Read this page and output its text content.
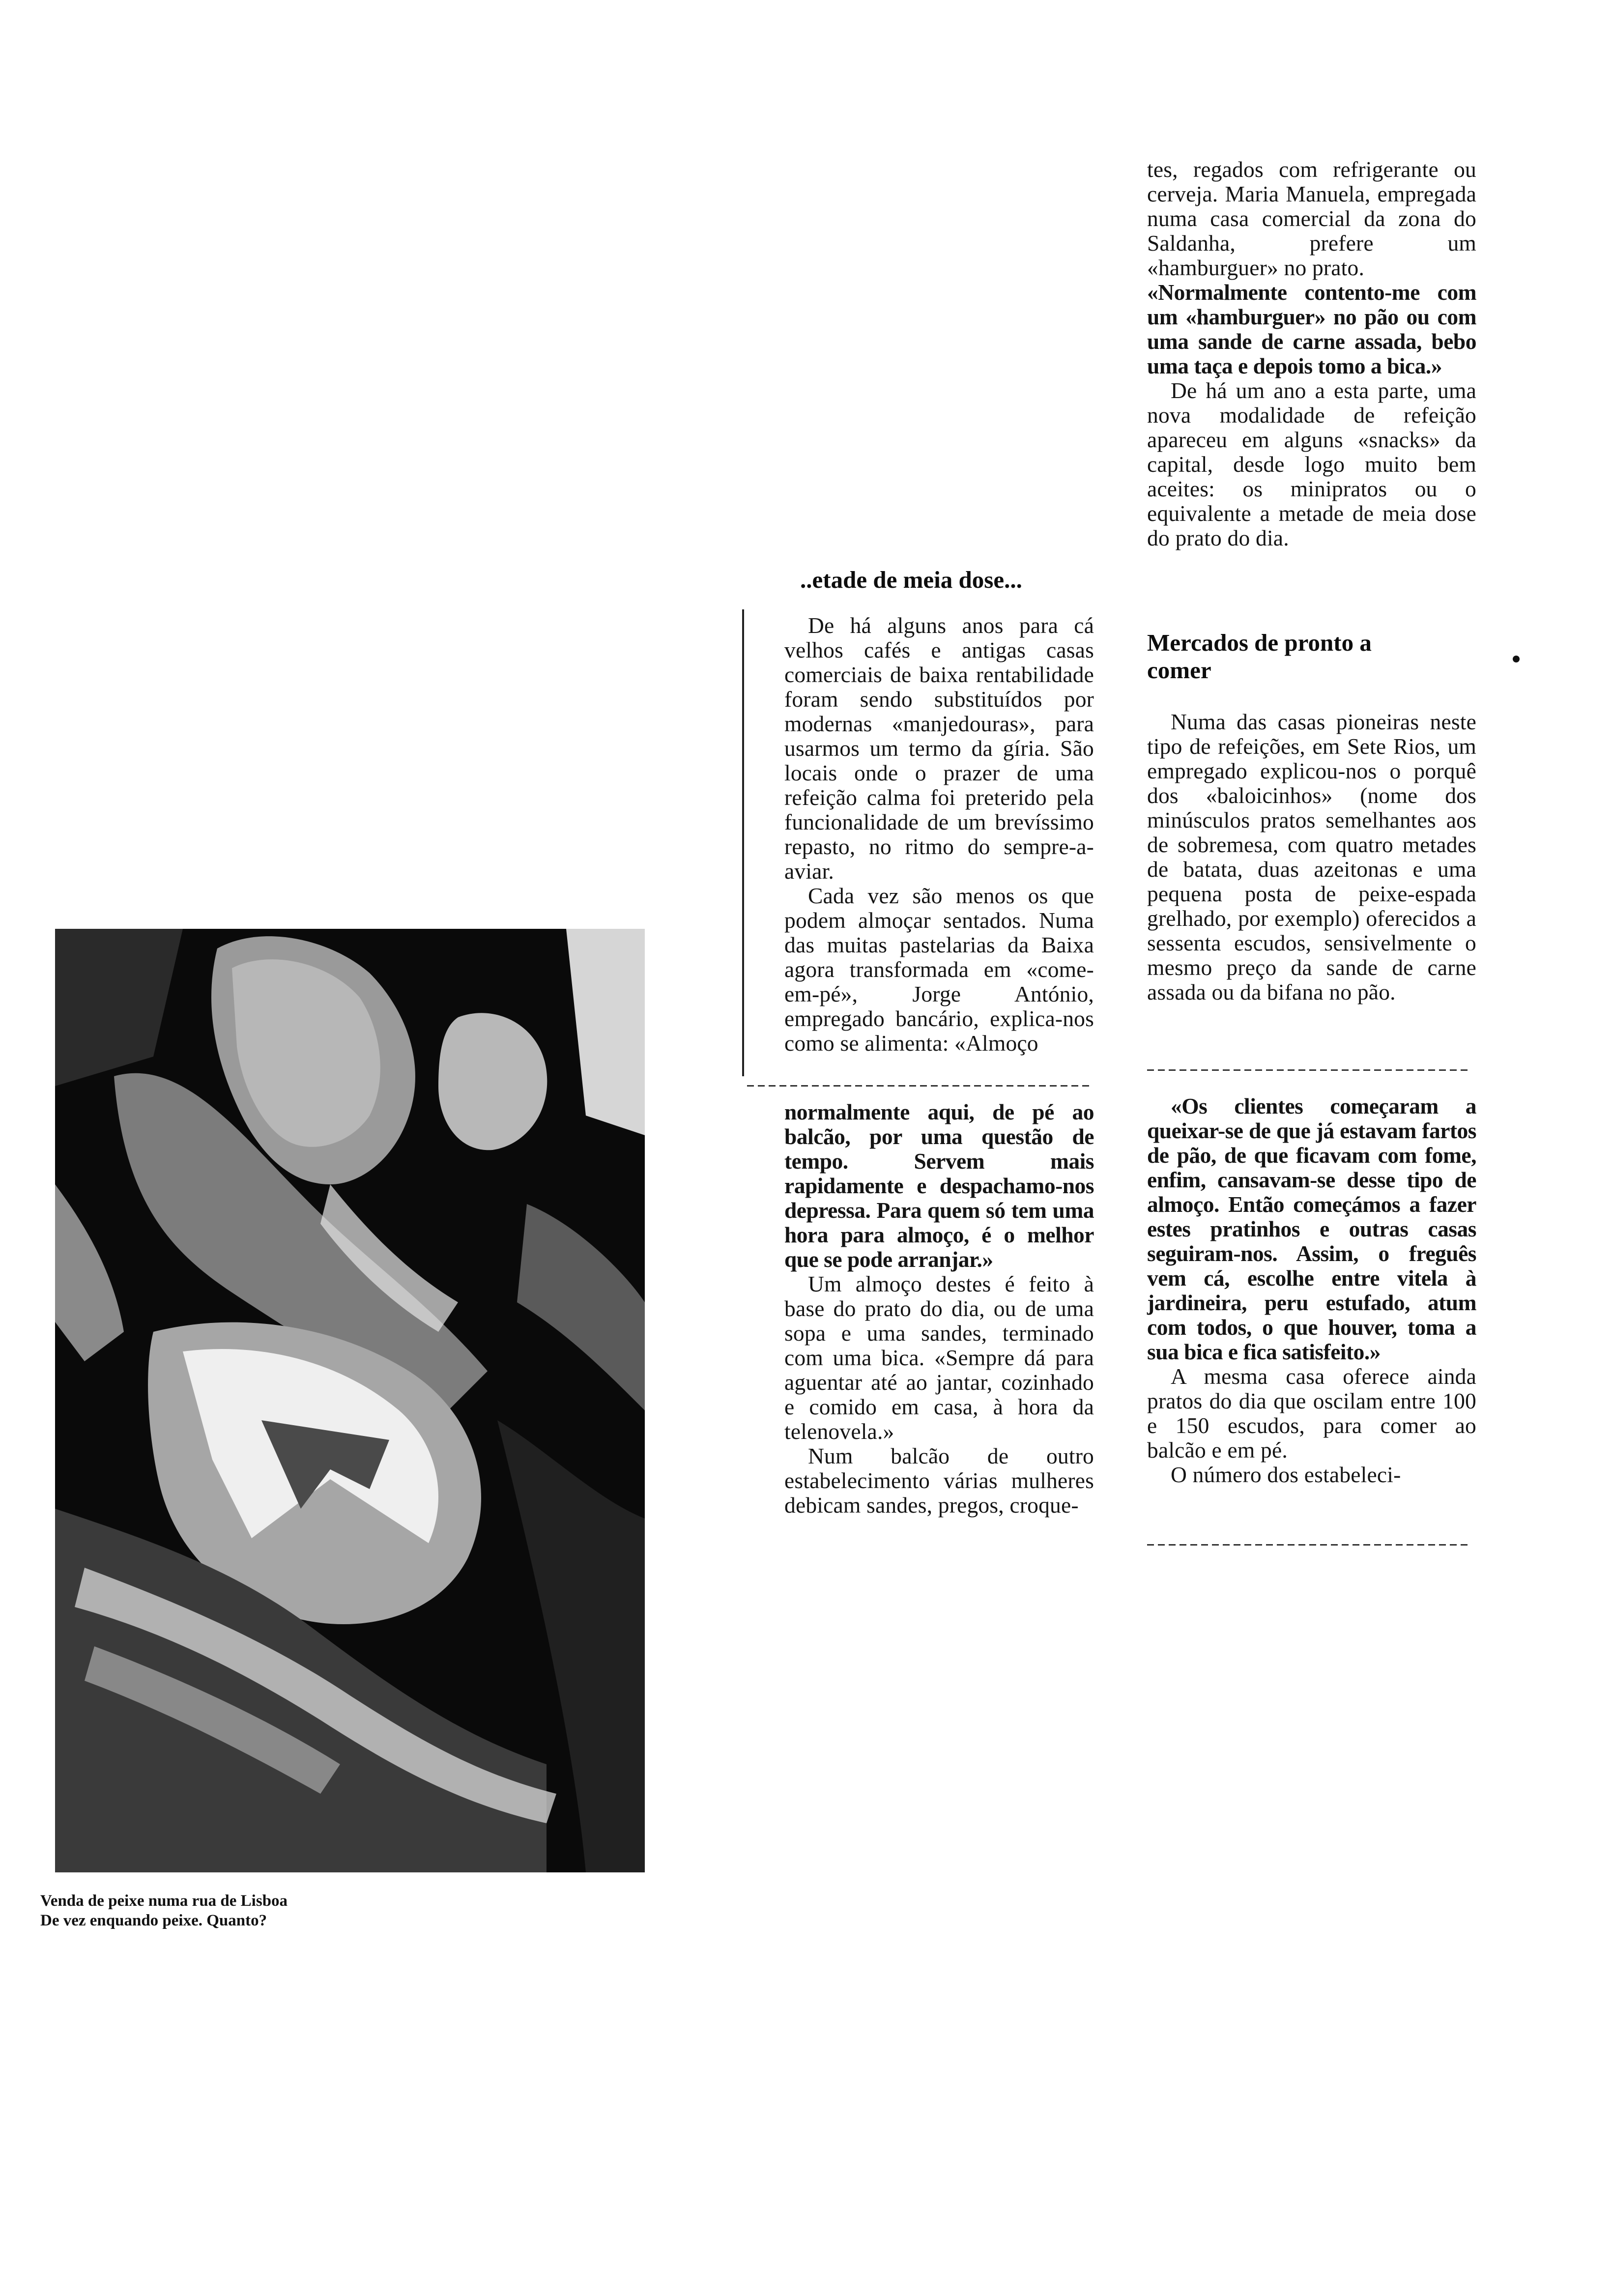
..etade de meia dose...

De há alguns anos para cá velhos cafés e antigas casas comerciais de baixa rentabilidade foram sendo substituídos por modernas «manjedouras», para usarmos um termo da gíria. São locais onde o prazer de uma refeição calma foi preterido pela funcionalidade de um brevíssimo repasto, no ritmo do sempre-a-aviar.

Cada vez são menos os que podem almoçar sentados. Numa das muitas pastelarias da Baixa agora transformada em «come-em-pé», Jorge António, empregado bancário, explica-nos como se alimenta: «Almoço

normalmente aqui, de pé ao balcão, por uma questão de tempo. Servem mais rapidamente e despachamo-nos depressa. Para quem só tem uma hora para almoço, é o melhor que se pode arranjar.»

Um almoço destes é feito à base do prato do dia, ou de uma sopa e uma sandes, terminado com uma bica. «Sempre dá para aguentar até ao jantar, cozinhado e comido em casa, à hora da telenovela.»

Num balcão de outro estabelecimento várias mulheres debicam sandes, pregos, croque-

tes, regados com refrigerante ou cerveja. Maria Manuela, empregada numa casa comercial da zona do Saldanha, prefere um «hamburguer» no prato.

«Normalmente contento-me com um «hamburguer» no pão ou com uma sande de carne assada, bebo uma taça e depois tomo a bica.»

De há um ano a esta parte, uma nova modalidade de refeição apareceu em alguns «snacks» da capital, desde logo muito bem aceites: os minipratos ou o equivalente a metade de meia dose do prato do dia.

Mercados de pronto a comer

Numa das casas pioneiras neste tipo de refeições, em Sete Rios, um empregado explicou-nos o porquê dos «baloicinhos» (nome dos minúsculos pratos semelhantes aos de sobremesa, com quatro metades de batata, duas azeitonas e uma pequena posta de peixe-espada grelhado, por exemplo) oferecidos a sessenta escudos, sensivelmente o mesmo preço da sande de carne assada ou da bifana no pão.

«Os clientes começaram a queixar-se de que já estavam fartos de pão, de que ficavam com fome, enfim, cansavam-se desse tipo de almoço. Então começámos a fazer estes pratinhos e outras casas seguiram-nos. Assim, o freguês vem cá, escolhe entre vitela à jardineira, peru estufado, atum com todos, o que houver, toma a sua bica e fica satisfeito.»

A mesma casa oferece ainda pratos do dia que oscilam entre 100 e 150 escudos, para comer ao balcão e em pé.

O número dos estabeleci-

Venda de peixe numa rua de Lisboa
De vez enquando peixe. Quanto?
